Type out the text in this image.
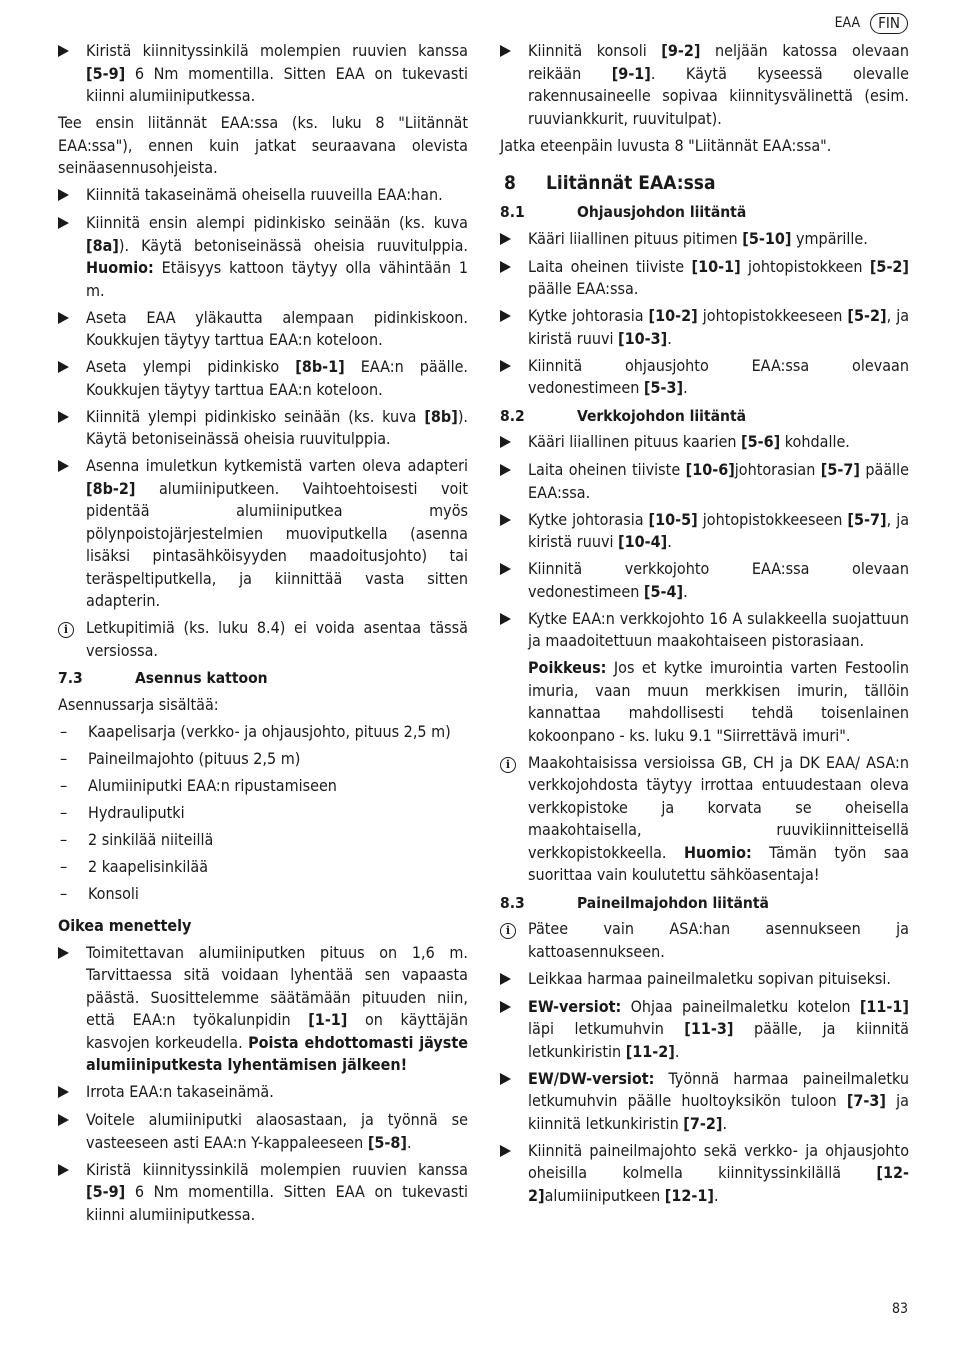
EAA	FIN
Kiristä kiinnityssinkilä molempien ruuvien kanssa [5-9] 6 Nm momentilla. Sitten EAA on tukevasti kiinni alumiiniputkessa.

Tee ensin liitännät EAA:ssa (ks. luku 8 "Liitännät EAA:ssa"), ennen kuin jatkat seuraavana olevista seinäasennusohjeista.

Kiinnitä takaseinämä oheisella ruuveilla EAA:han.
Kiinnitä ensin alempi pidinkisko seinään (ks. kuva [8a]). Käytä betoniseinässä oheisia ruuvitulppia. Huomio: Etäisyys kattoon täytyy olla vähintään 1 m.
Aseta EAA yläkautta alempaan pidinkiskoon. Koukkujen täytyy tarttua EAA:n koteloon.
Aseta ylempi pidinkisko [8b-1] EAA:n päälle. Koukkujen täytyy tarttua EAA:n koteloon.
Kiinnitä ylempi pidinkisko seinään (ks. kuva [8b]). Käytä betoniseinässä oheisia ruuvitulppia.
Asenna imuletkun kytkemistä varten oleva adapteri [8b-2] alumiiniputkeen. Vaihtoehtoisesti voit pidentää alumiiniputkea myös pölynpoistojärjestelmien muoviputkella (asenna lisäksi pintasähköisyyden maadoitusjohto) tai teräspeltiputkella, ja kiinnittää vasta sitten adapterin.
i	Letkupitimiä (ks. luku 8.4) ei voida asentaa tässä versiossa.
7.3	Asennus kattoon

Asennussarja sisältää:

–	Kaapelisarja (verkko- ja ohjausjohto, pituus 2,5 m)
–	Paineilmajohto (pituus 2,5 m)
–	Alumiiniputki EAA:n ripustamiseen
–	Hydrauliputki
–	2 sinkilää niiteillä
–	2 kaapelisinkilää
–	Konsoli
Oikea menettely
Toimitettavan alumiiniputken pituus on 1,6 m. Tarvittaessa sitä voidaan lyhentää sen vapaasta päästä. Suosittelemme säätämään pituuden niin, että EAA:n työkalunpidin [1-1] on käyttäjän kasvojen korkeudella. Poista ehdottomasti jäyste alumiiniputkesta lyhentämisen jälkeen!
Irrota EAA:n takaseinämä.
Voitele alumiiniputki alaosastaan, ja työnnä se vasteeseen asti EAA:n Y-kappaleeseen [5-8].
Kiristä kiinnityssinkilä molempien ruuvien kanssa [5-9] 6 Nm momentilla. Sitten EAA on tukevasti kiinni alumiiniputkessa.
Kiinnitä konsoli [9-2] neljään katossa olevaan reikään [9-1]. Käytä kyseessä olevalle rakennusaineelle sopivaa kiinnitysvälinettä (esim. ruuviankkurit, ruuvitulpat).

Jatka eteenpäin luvusta 8 "Liitännät EAA:ssa".

8	Liitännät EAA:ssa
8.1	Ohjausjohdon liitäntä
Kääri liiallinen pituus pitimen [5-10] ympärille.
Laita oheinen tiiviste [10-1] johtopistokkeen [5-2] päälle EAA:ssa.
Kytke johtorasia [10-2] johtopistokkeeseen [5-2], ja kiristä ruuvi [10-3].
Kiinnitä ohjausjohto EAA:ssa olevaan vedonestimeen [5-3].
8.2	Verkkojohdon liitäntä
Kääri liiallinen pituus kaarien [5-6] kohdalle.
Laita oheinen tiiviste [10-6]johtorasian [5-7] päälle EAA:ssa.
Kytke johtorasia [10-5] johtopistokkeeseen [5-7], ja kiristä ruuvi [10-4].
Kiinnitä verkkojohto EAA:ssa olevaan vedonestimeen [5-4].
Kytke EAA:n verkkojohto 16 A sulakkeella suojattuun ja maadoitettuun maakohtaiseen pistorasiaan.

Poikkeus: Jos et kytke imurointia varten Festoolin imuria, vaan muun merkkisen imurin, tällöin kannattaa mahdollisesti tehdä toisenlainen kokoonpano - ks. luku 9.1 "Siirrettävä imuri".

i	Maakohtaisissa versioissa GB, CH ja DK EAA/ ASA:n verkkojohdosta täytyy irrottaa entuudestaan oleva verkkopistoke ja korvata se oheisella maakohtaisella, ruuvikiinnitteisellä verkkopistokkeella. Huomio: Tämän työn saa suorittaa vain koulutettu sähköasentaja!
8.3	Paineilmajohdon liitäntä
i	Pätee vain ASA:han asennukseen ja kattoasennukseen.
Leikkaa harmaa paineilmaletku sopivan pituiseksi.
EW-versiot: Ohjaa paineilmaletku kotelon [11-1] läpi letkumuhvin [11-3] päälle, ja kiinnitä letkunkiristin [11-2].
EW/DW-versiot: Työnnä harmaa paineilmaletku letkumuhvin päälle huoltoyksikön tuloon [7-3] ja kiinnitä letkunkiristin [7-2].
Kiinnitä paineilmajohto sekä verkko- ja ohjausjohto oheisilla kolmella kiinnityssinkilällä [12-2]alumiiniputkeen [12-1].
83
